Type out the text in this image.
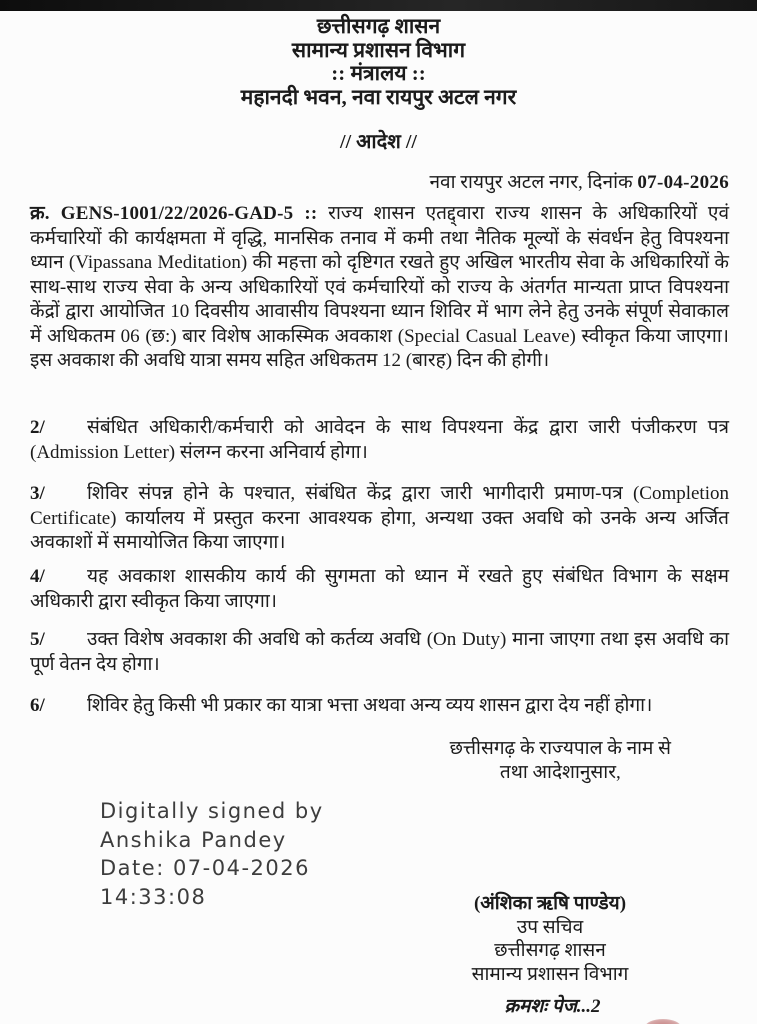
छत्तीसगढ़ शासन
सामान्य प्रशासन विभाग
:: मंत्रालय ::
महानदी भवन, नवा रायपुर अटल नगर
// आदेश //
नवा रायपुर अटल नगर, दिनांक 07-04-2026

क्र. GENS-1001/22/2026-GAD-5 :: राज्य शासन एतद्द्वारा राज्य शासन के अधिकारियों एवं कर्मचारियों की कार्यक्षमता में वृद्धि, मानसिक तनाव में कमी तथा नैतिक मूल्यों के संवर्धन हेतु विपश्यना ध्यान (Vipassana Meditation) की महत्ता को दृष्टिगत रखते हुए अखिल भारतीय सेवा के अधिकारियों के साथ-साथ राज्य सेवा के अन्य अधिकारियों एवं कर्मचारियों को राज्य के अंतर्गत मान्यता प्राप्त विपश्यना केंद्रों द्वारा आयोजित 10 दिवसीय आवासीय विपश्यना ध्यान शिविर में भाग लेने हेतु उनके संपूर्ण सेवाकाल में अधिकतम 06 (छ:) बार विशेष आकस्मिक अवकाश (Special Casual Leave) स्वीकृत किया जाएगा। इस अवकाश की अवधि यात्रा समय सहित अधिकतम 12 (बारह) दिन की होगी।

2/ संबंधित अधिकारी/कर्मचारी को आवेदन के साथ विपश्यना केंद्र द्वारा जारी पंजीकरण पत्र (Admission Letter) संलग्न करना अनिवार्य होगा।

3/ शिविर संपन्न होने के पश्चात, संबंधित केंद्र द्वारा जारी भागीदारी प्रमाण-पत्र (Completion Certificate) कार्यालय में प्रस्तुत करना आवश्यक होगा, अन्यथा उक्त अवधि को उनके अन्य अर्जित अवकाशों में समायोजित किया जाएगा।

4/ यह अवकाश शासकीय कार्य की सुगमता को ध्यान में रखते हुए संबंधित विभाग के सक्षम अधिकारी द्वारा स्वीकृत किया जाएगा।

5/ उक्त विशेष अवकाश की अवधि को कर्तव्य अवधि (On Duty) माना जाएगा तथा इस अवधि का पूर्ण वेतन देय होगा।

6/ शिविर हेतु किसी भी प्रकार का यात्रा भत्ता अथवा अन्य व्यय शासन द्वारा देय नहीं होगा।

छत्तीसगढ़ के राज्यपाल के नाम से
तथा आदेशानुसार,
Digitally signed by
Anshika Pandey
Date: 07-04-2026
14:33:08	(अंशिका ऋषि पाण्डेय)
उप सचिव
छत्तीसगढ़ शासन
सामान्य प्रशासन विभाग
क्रमशः पेज...2
